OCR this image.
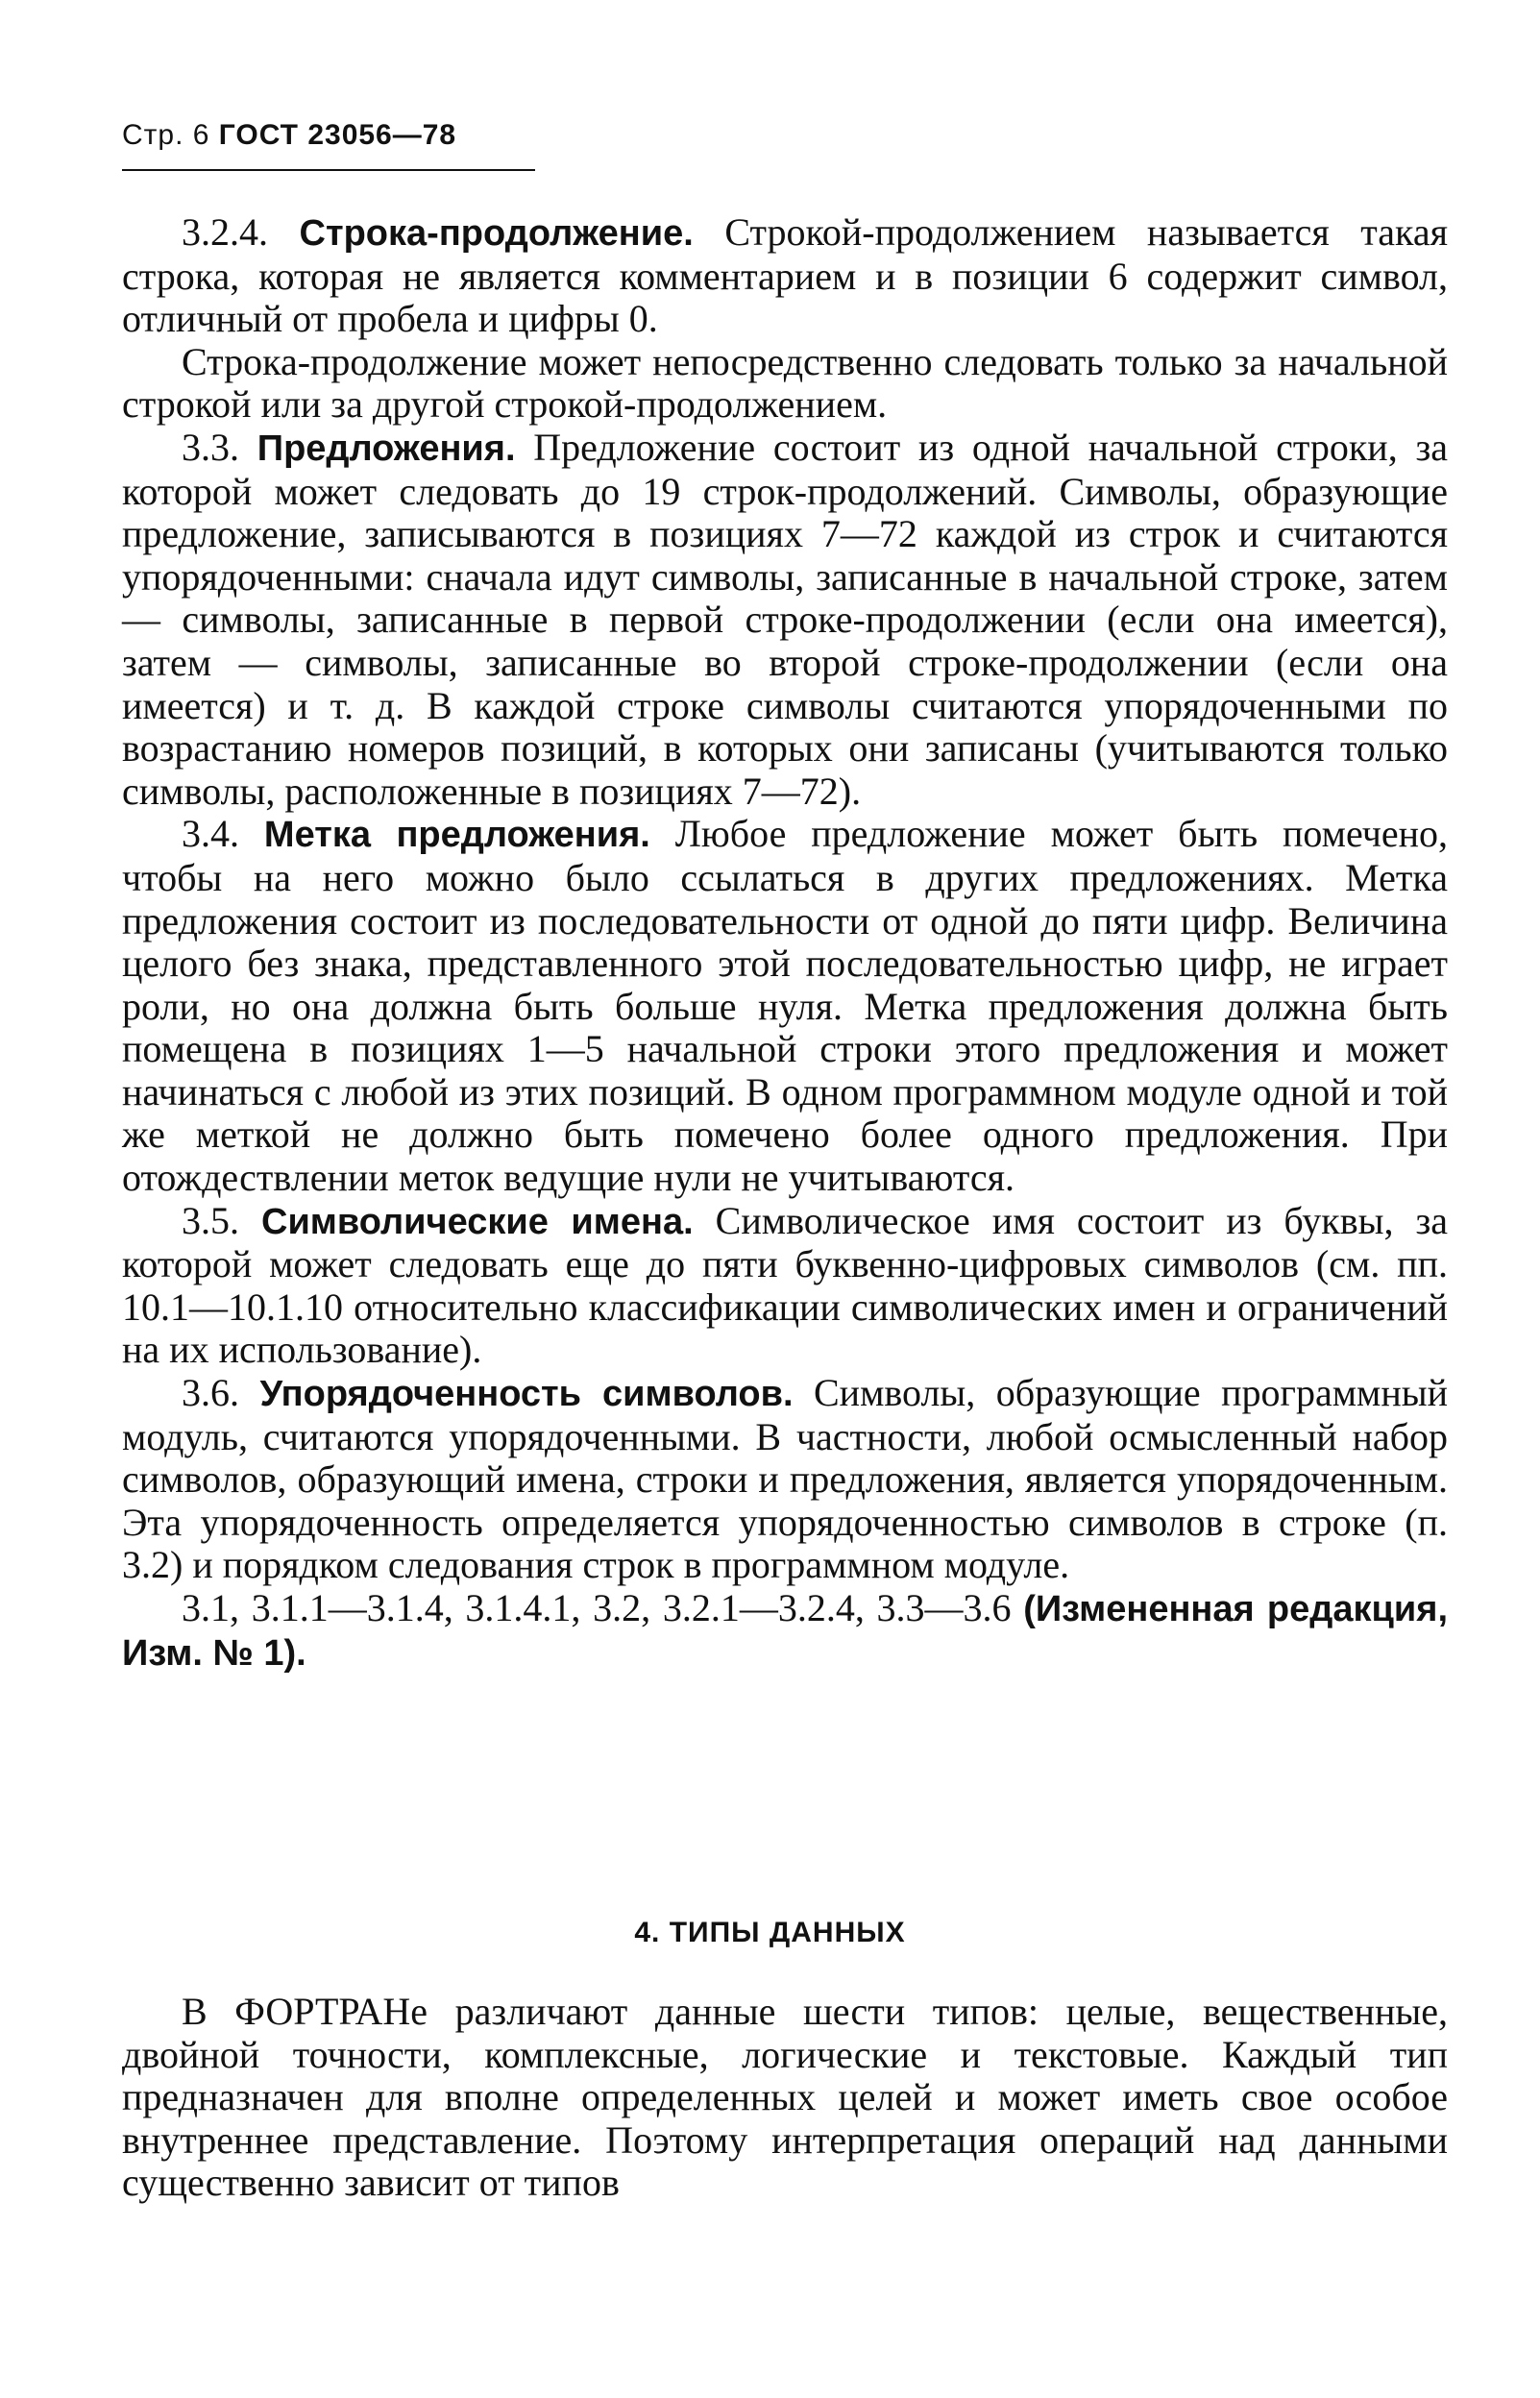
Стр. 6 ГОСТ 23056—78

3.2.4. Строка-продолжение. Строкой-продолжением называется такая строка, которая не является комментарием и в позиции 6 содержит символ, отличный от пробела и цифры 0.

Строка-продолжение может непосредственно следовать только за начальной строкой или за другой строкой-продолжением.

3.3. Предложения. Предложение состоит из одной начальной строки, за которой может следовать до 19 строк-продолжений. Символы, образующие предложение, записываются в позициях 7—72 каждой из строк и считаются упорядоченными: сначала идут символы, записанные в начальной строке, затем — символы, записанные в первой строке-продолжении (если она имеется), затем — символы, записанные во второй строке-продолжении (если она имеется) и т. д. В каждой строке символы считаются упорядоченными по возрастанию номеров позиций, в которых они записаны (учитываются только символы, расположенные в позициях 7—72).

3.4. Метка предложения. Любое предложение может быть помечено, чтобы на него можно было ссылаться в других предложениях. Метка предложения состоит из последовательности от одной до пяти цифр. Величина целого без знака, представленного этой последовательностью цифр, не играет роли, но она должна быть больше нуля. Метка предложения должна быть помещена в позициях 1—5 начальной строки этого предложения и может начинаться с любой из этих позиций. В одном программном модуле одной и той же меткой не должно быть помечено более одного предложения. При отождествлении меток ведущие нули не учитываются.

3.5. Символические имена. Символическое имя состоит из буквы, за которой может следовать еще до пяти буквенно-цифровых символов (см. пп. 10.1—10.1.10 относительно классификации символических имен и ограничений на их использование).

3.6. Упорядоченность символов. Символы, образующие программный модуль, считаются упорядоченными. В частности, любой осмысленный набор символов, образующий имена, строки и предложения, является упорядоченным. Эта упорядоченность определяется упорядоченностью символов в строке (п. 3.2) и порядком следования строк в программном модуле.

3.1, 3.1.1—3.1.4, 3.1.4.1, 3.2, 3.2.1—3.2.4, 3.3—3.6 (Измененная редакция, Изм. № 1).

4. ТИПЫ ДАННЫХ

В ФОРТРАНе различают данные шести типов: целые, вещественные, двойной точности, комплексные, логические и текстовые. Каждый тип предназначен для вполне определенных целей и может иметь свое особое внутреннее представление. Поэтому интерпретация операций над данными существенно зависит от типов
